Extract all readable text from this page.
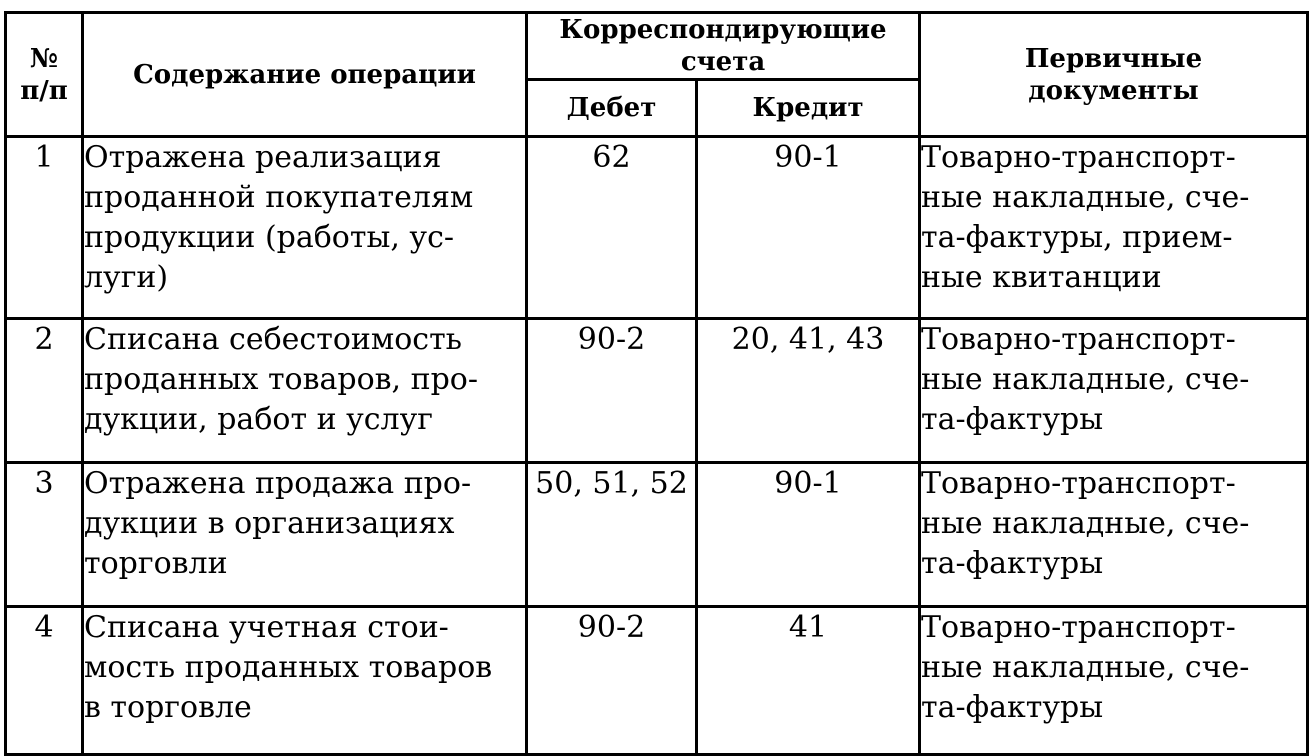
№
п/п	Содержание операции	Корреспондирующие счета		Первичные
документы

		Дебет	Кредит	
1	Отражена реализация
проданной покупателям
продукции (работы, ус-
луги)	62	90-1	Товарно-транспорт-
ные накладные, сче-
та-фактуры, прием-
ные квитанции

2	Списана себестоимость
проданных товаров, про-
дукции, работ и услуг	90-2	20, 41, 43	Товарно-транспорт-
ные накладные, сче-
та-фактуры

3	Отражена продажа про-
дукции в организациях
торговли	50, 51, 52	90-1	Товарно-транспорт-
ные накладные, сче-
та-фактуры

4	Списана учетная стои-
мость проданных товаров
в торговле	90-2	41	Товарно-транспорт-
ные накладные, сче-
та-фактуры
